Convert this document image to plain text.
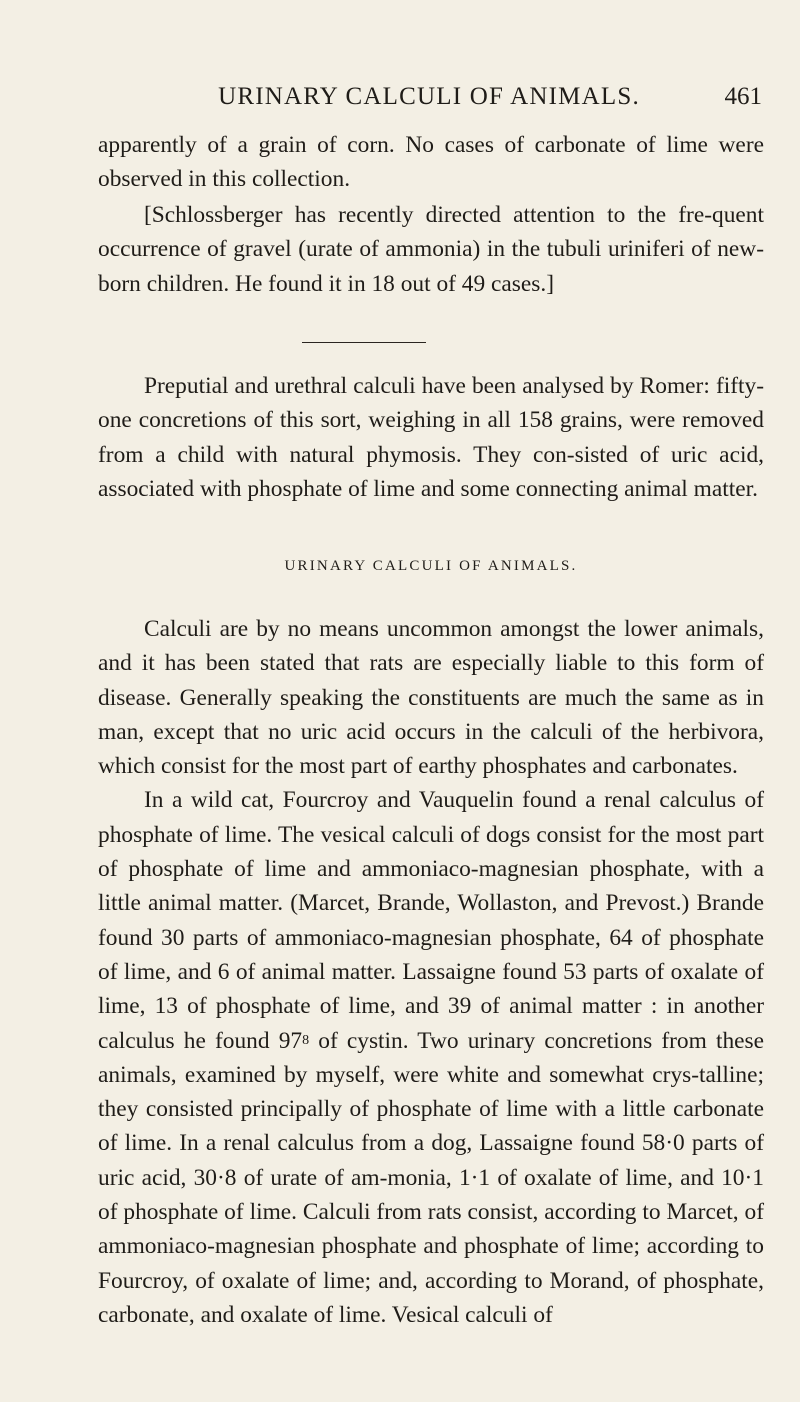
URINARY CALCULI OF ANIMALS.	461

apparently of a grain of corn. No cases of carbonate of lime were observed in this collection.

[Schlossberger has recently directed attention to the fre-quent occurrence of gravel (urate of ammonia) in the tubuli uriniferi of new-born children. He found it in 18 out of 49 cases.]

Preputial and urethral calculi have been analysed by Romer: fifty-one concretions of this sort, weighing in all 158 grains, were removed from a child with natural phymosis. They con-sisted of uric acid, associated with phosphate of lime and some connecting animal matter.

URINARY CALCULI OF ANIMALS.

Calculi are by no means uncommon amongst the lower animals, and it has been stated that rats are especially liable to this form of disease. Generally speaking the constituents are much the same as in man, except that no uric acid occurs in the calculi of the herbivora, which consist for the most part of earthy phosphates and carbonates.

In a wild cat, Fourcroy and Vauquelin found a renal calculus of phosphate of lime. The vesical calculi of dogs consist for the most part of phosphate of lime and ammoniaco-magnesian phosphate, with a little animal matter. (Marcet, Brande, Wollaston, and Prevost.) Brande found 30 parts of ammoniaco-magnesian phosphate, 64 of phosphate of lime, and 6 of animal matter. Lassaigne found 53 parts of oxalate of lime, 13 of phosphate of lime, and 39 of animal matter : in another calculus he found 978 of cystin. Two urinary concretions from these animals, examined by myself, were white and somewhat crys-talline; they consisted principally of phosphate of lime with a little carbonate of lime. In a renal calculus from a dog, Lassaigne found 58·0 parts of uric acid, 30·8 of urate of am-monia, 1·1 of oxalate of lime, and 10·1 of phosphate of lime. Calculi from rats consist, according to Marcet, of ammoniaco-magnesian phosphate and phosphate of lime; according to Fourcroy, of oxalate of lime; and, according to Morand, of phosphate, carbonate, and oxalate of lime. Vesical calculi of
